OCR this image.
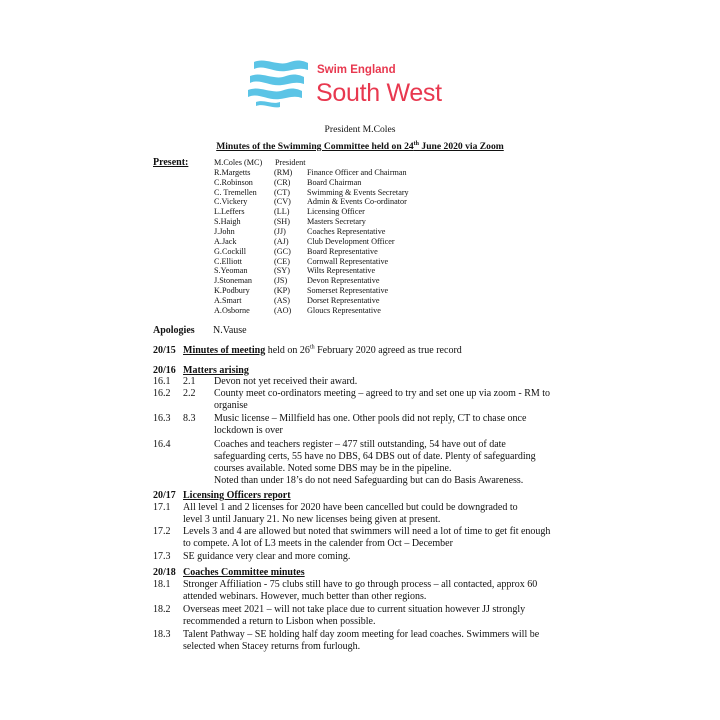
Swim England
South West
President M.Coles
Minutes of the Swimming Committee held on 24th June 2020 via Zoom
Present:	M.Coles (MC) President
R.Margetts	(RM) Finance Officer and Chairman
C.Robinson	(CR) Board Chairman
C. Tremellen (CT) Swimming & Events Secretary
C.Vickery	(CV) Admin & Events Co-ordinator
L.Leffers	(LL) Licensing Officer
S.Haigh	(SH) Masters Secretary
J.John	(JJ)	Coaches Representative
A.Jack	(AJ) Club Development Officer
G.Cockill	(GC) Board Representative
C.Elliott	(CE) Cornwall Representative
S.Yeoman	(SY) Wilts Representative
J.Stoneman	(JS) Devon Representative
K.Podbury	(KP) Somerset Representative
A.Smart	(AS) Dorset Representative
A.Osborne	(AO) Gloucs Representative
Apologies N.Vause
20/15 Minutes of meeting held on 26th February 2020 agreed as true record
20/16 Matters arising
16.1 2.1 Devon not yet received their award.
16.2 2.2 County meet co-ordinators meeting – agreed to try and set one up via zoom - RM to
organise
16.3 8.3 Music license – Millfield has one. Other pools did not reply, CT to chase once
lockdown is over
16.4	Coaches and teachers register – 477 still outstanding, 54 have out of date
safeguarding certs, 55 have no DBS, 64 DBS out of date. Plenty of safeguarding
courses available. Noted some DBS may be in the pipeline.
Noted than under 18’s do not need Safeguarding but can do Basis Awareness.
20/17 Licensing Officers report
17.1 All level 1 and 2 licenses for 2020 have been cancelled but could be downgraded to
level 3 until January 21. No new licenses being given at present.
17.2 Levels 3 and 4 are allowed but noted that swimmers will need a lot of time to get fit enough
to compete. A lot of L3 meets in the calender from Oct – December
17.3 SE guidance very clear and more coming.
20/18 Coaches Committee minutes
18.1 Stronger Affiliation - 75 clubs still have to go through process – all contacted, approx 60
attended webinars. However, much better than other regions.
18.2 Overseas meet 2021 – will not take place due to current situation however JJ strongly
recommended a return to Lisbon when possible.
18.3 Talent Pathway – SE holding half day zoom meeting for lead coaches. Swimmers will be
selected when Stacey returns from furlough.
